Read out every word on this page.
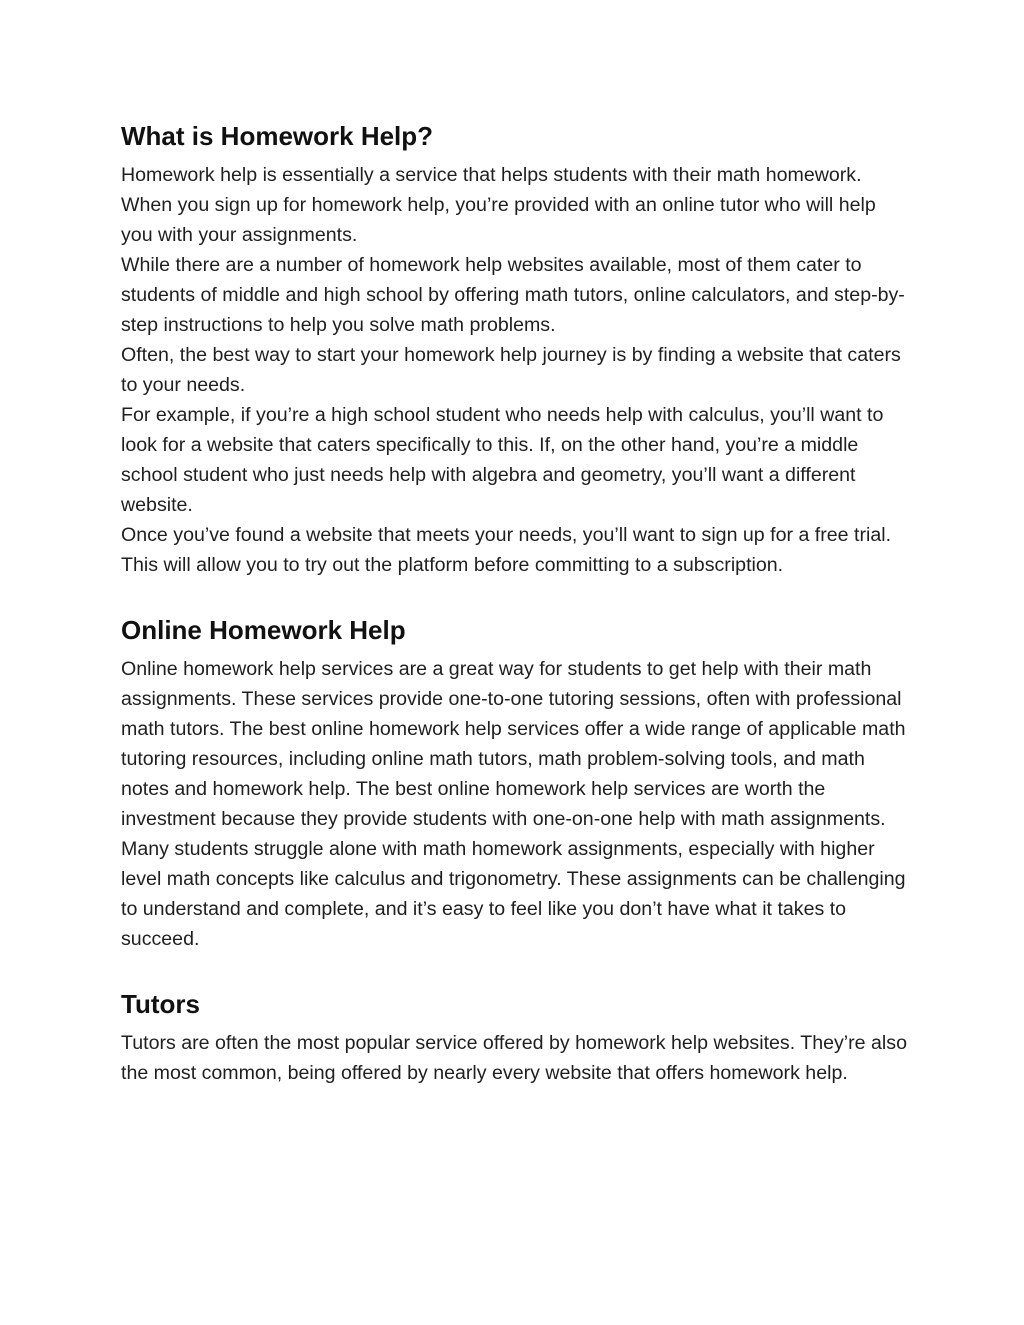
What is Homework Help?

Homework help is essentially a service that helps students with their math homework. When you sign up for homework help, you’re provided with an online tutor who will help you with your assignments.

While there are a number of homework help websites available, most of them cater to students of middle and high school by offering math tutors, online calculators, and step-by-step instructions to help you solve math problems.

Often, the best way to start your homework help journey is by finding a website that caters to your needs.

For example, if you’re a high school student who needs help with calculus, you’ll want to look for a website that caters specifically to this. If, on the other hand, you’re a middle school student who just needs help with algebra and geometry, you’ll want a different website.

Once you’ve found a website that meets your needs, you’ll want to sign up for a free trial. This will allow you to try out the platform before committing to a subscription.

Online Homework Help

Online homework help services are a great way for students to get help with their math assignments. These services provide one-to-one tutoring sessions, often with professional math tutors. The best online homework help services offer a wide range of applicable math tutoring resources, including online math tutors, math problem-solving tools, and math notes and homework help. The best online homework help services are worth the investment because they provide students with one-on-one help with math assignments. Many students struggle alone with math homework assignments, especially with higher level math concepts like calculus and trigonometry. These assignments can be challenging to understand and complete, and it’s easy to feel like you don’t have what it takes to succeed.

Tutors

Tutors are often the most popular service offered by homework help websites. They’re also the most common, being offered by nearly every website that offers homework help.
